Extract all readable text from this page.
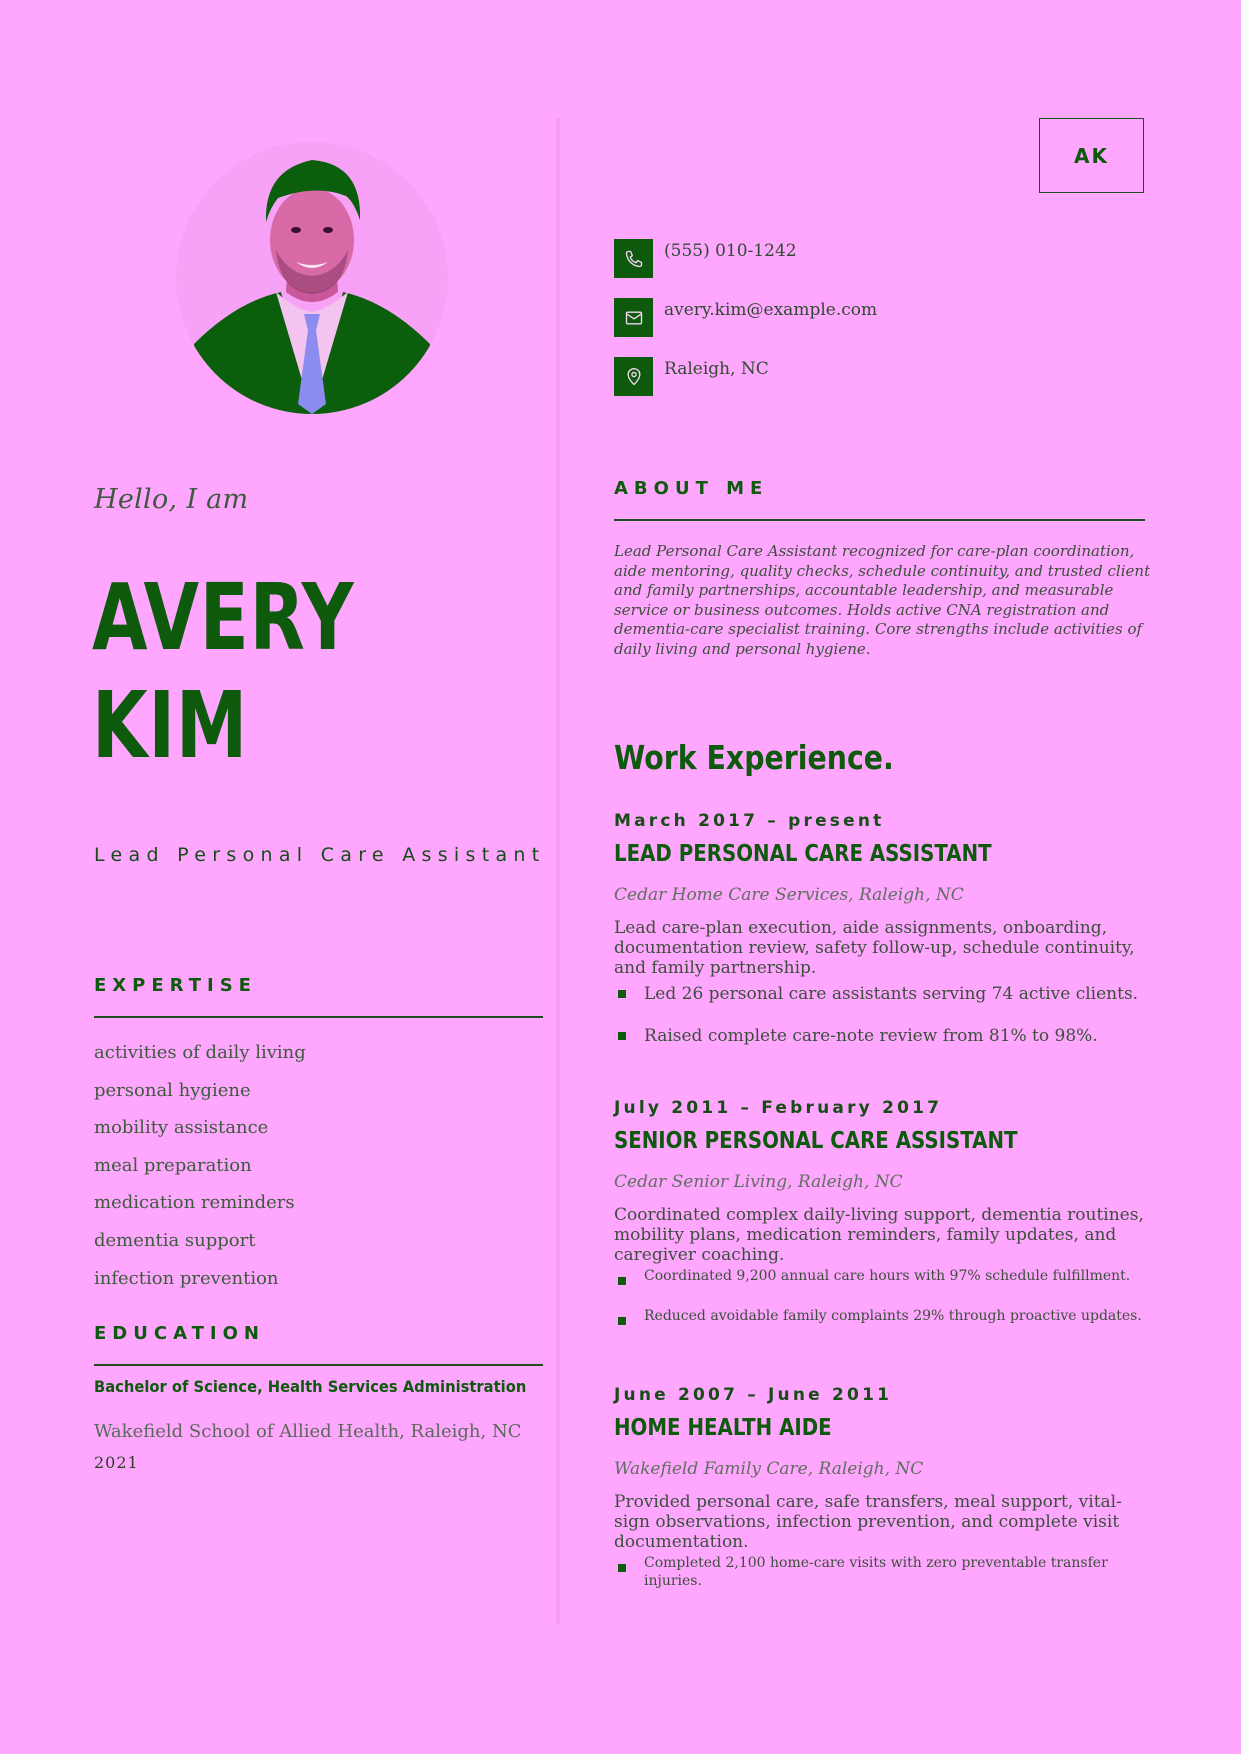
Hello, I am
AVERY
KIM
Lead Personal Care Assistant
EXPERTISE
activities of daily living
personal hygiene
mobility assistance
meal preparation
medication reminders
dementia support
infection prevention
EDUCATION
Bachelor of Science, Health Services Administration
Wakefield School of Allied Health, Raleigh, NC
2021
AK
(555) 010-1242
avery.kim@example.com
Raleigh, NC
ABOUT ME
Lead Personal Care Assistant recognized for care-plan coordination, aide mentoring, quality checks, schedule continuity, and trusted client and family partnerships, accountable leadership, and measurable service or business outcomes. Holds active CNA registration and dementia-care specialist training. Core strengths include activities of daily living and personal hygiene.
Work Experience.
March 2017 – present
LEAD PERSONAL CARE ASSISTANT
Cedar Home Care Services, Raleigh, NC
Lead care-plan execution, aide assignments, onboarding, documentation review, safety follow-up, schedule continuity, and family partnership.
Led 26 personal care assistants serving 74 active clients.
Raised complete care-note review from 81% to 98%.
July 2011 – February 2017
SENIOR PERSONAL CARE ASSISTANT
Cedar Senior Living, Raleigh, NC
Coordinated complex daily-living support, dementia routines, mobility plans, medication reminders, family updates, and caregiver coaching.
Coordinated 9,200 annual care hours with 97% schedule fulfillment.
Reduced avoidable family complaints 29% through proactive updates.
June 2007 – June 2011
HOME HEALTH AIDE
Wakefield Family Care, Raleigh, NC
Provided personal care, safe transfers, meal support, vital-sign observations, infection prevention, and complete visit documentation.
Completed 2,100 home-care visits with zero preventable transfer injuries.
